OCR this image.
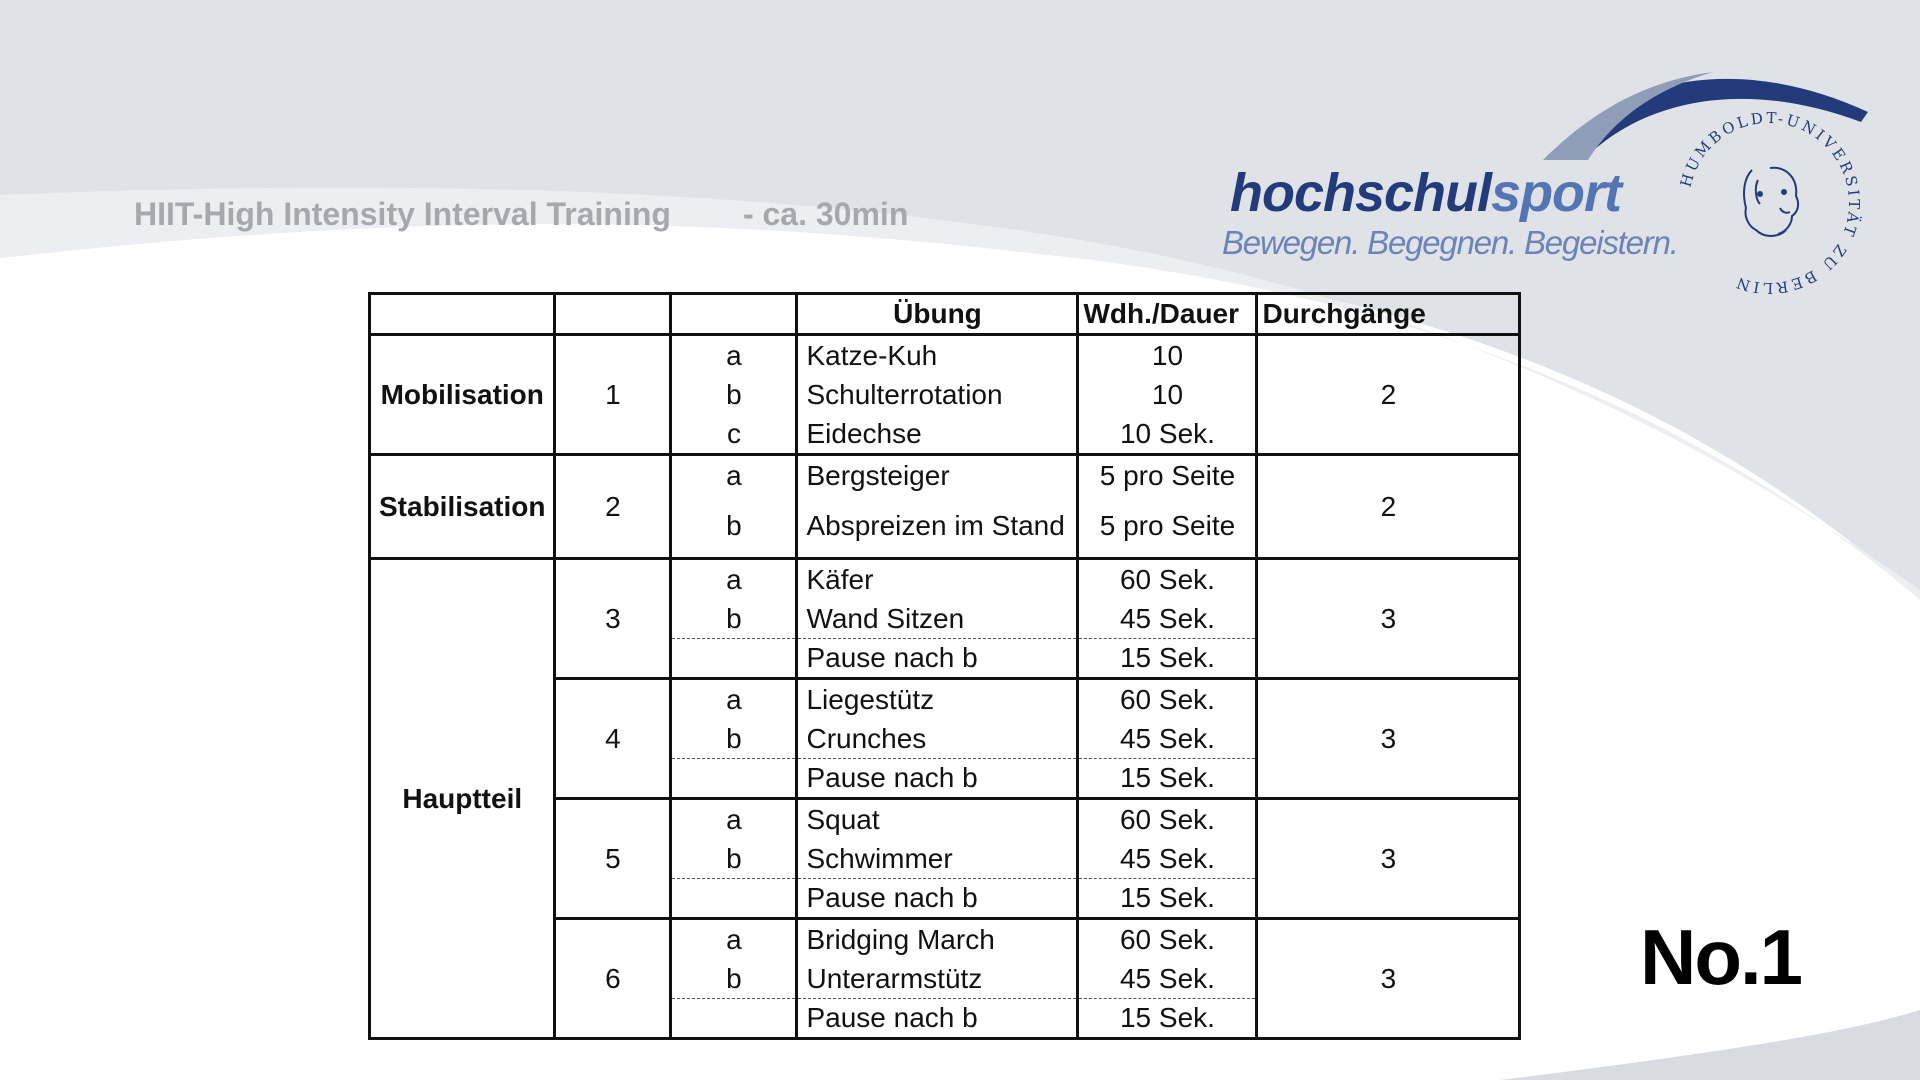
HIIT-High Intensity Interval Training - ca. 30min	hochschulsport
Bewegen. Begegnen. Begeistern.
HUMBOLDT-UNIVERSITÄT ZU BERLIN
			Übung	Wdh./Dauer	Durchgänge
Mobilisation	1	a	Katze-Kuh	10	2
		b	Schulterrotation	10	
		c	Eidechse	10 Sek.	
Stabilisation	2	a	Bergsteiger	5 pro Seite	2
		b	Abspreizen im Stand	5 pro Seite	
Hauptteil	3	a	Käfer	60 Sek.	3
		b	Wand Sitzen	45 Sek.	
			Pause nach b	15 Sek.	
	4	a	Liegestütz	60 Sek.	3
		b	Crunches	45 Sek.	
			Pause nach b	15 Sek.	
	5	a	Squat	60 Sek.	3
		b	Schwimmer	45 Sek.	
			Pause nach b	15 Sek.	
	6	a	Bridging March	60 Sek.	3
		b	Unterarmstütz	45 Sek.	
			Pause nach b	15 Sek.	
No.1
